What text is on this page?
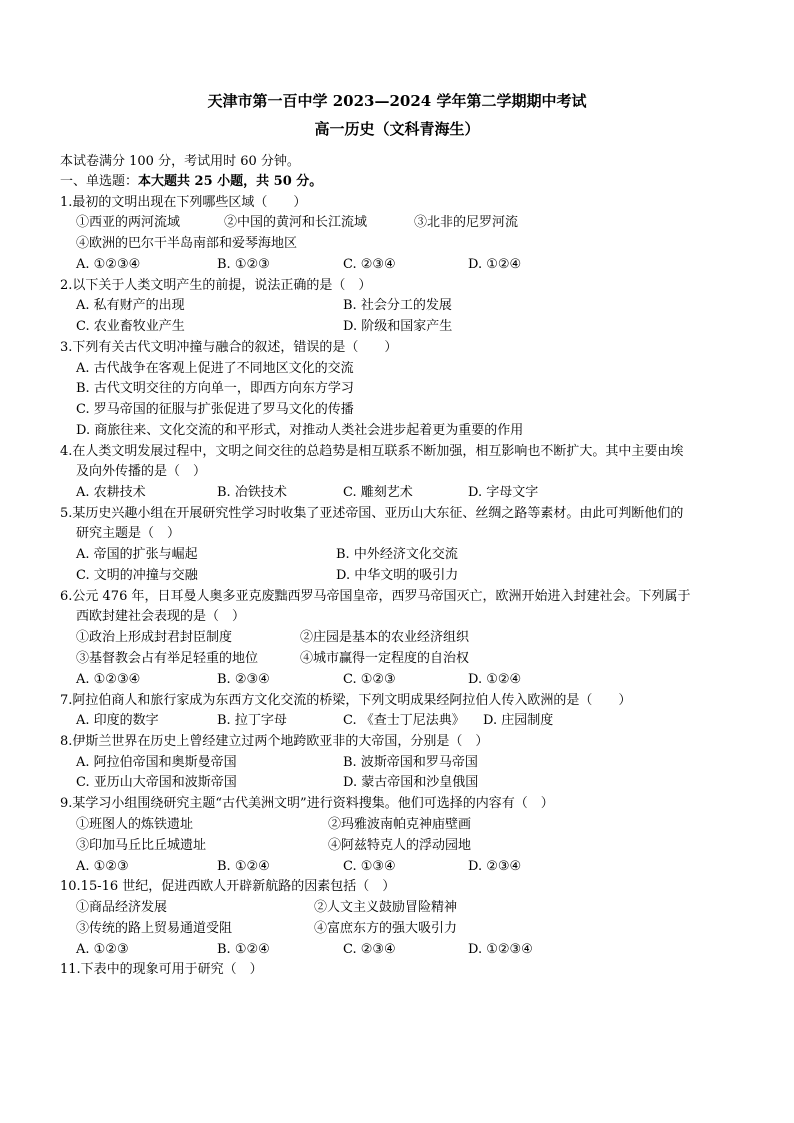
天津市第一百中学 2023—2024 学年第二学期期中考试
高一历史（文科青海生）
本试卷满分 100 分，考试用时 60 分钟。
一、单选题：本大题共 25 小题，共 50 分。
1.最初的文明出现在下列哪些区域（　　）
①西亚的两河流域	②中国的黄河和长江流域	③北非的尼罗河流
④欧洲的巴尔干半岛南部和爱琴海地区
A. ①②③④	B. ①②③	C. ②③④	D. ①②④
2.以下关于人类文明产生的前提，说法正确的是（　）
A. 私有财产的出现	B. 社会分工的发展
C. 农业畜牧业产生	D. 阶级和国家产生
3.下列有关古代文明冲撞与融合的叙述，错误的是（　　）
A. 古代战争在客观上促进了不同地区文化的交流
B. 古代文明交往的方向单一，即西方向东方学习
C. 罗马帝国的征服与扩张促进了罗马文化的传播
D. 商旅往来、文化交流的和平形式，对推动人类社会进步起着更为重要的作用
4.在人类文明发展过程中，文明之间交往的总趋势是相互联系不断加强，相互影响也不断扩大。其中主要由埃
及向外传播的是（　）
A. 农耕技术	B. 冶铁技术	C. 雕刻艺术	D. 字母文字
5.某历史兴趣小组在开展研究性学习时收集了亚述帝国、亚历山大东征、丝绸之路等素材。由此可判断他们的
研究主题是（　）
A. 帝国的扩张与崛起	B. 中外经济文化交流
C. 文明的冲撞与交融	D. 中华文明的吸引力
6.公元 476 年，日耳曼人奥多亚克废黜西罗马帝国皇帝，西罗马帝国灭亡，欧洲开始进入封建社会。下列属于
西欧封建社会表现的是（　）
①政治上形成封君封臣制度	②庄园是基本的农业经济组织
③基督教会占有举足轻重的地位	④城市赢得一定程度的自治权
A. ①②③④	B. ②③④	C. ①②③	D. ①②④
7.阿拉伯商人和旅行家成为东西方文化交流的桥梁，下列文明成果经阿拉伯人传入欧洲的是（　　）
A. 印度的数字	B. 拉丁字母	C. 《查士丁尼法典》 D. 庄园制度
8.伊斯兰世界在历史上曾经建立过两个地跨欧亚非的大帝国，分别是（　）
A. 阿拉伯帝国和奥斯曼帝国	B. 波斯帝国和罗马帝国
C. 亚历山大帝国和波斯帝国	D. 蒙古帝国和沙皇俄国
9.某学习小组围绕研究主题“古代美洲文明”进行资料搜集。他们可选择的内容有（　）
①班图人的炼铁遗址	②玛雅波南帕克神庙壁画
③印加马丘比丘城遗址	④阿兹特克人的浮动园地
A. ①②③	B. ①②④	C. ①③④	D. ②③④
10.15-16 世纪，促进西欧人开辟新航路的因素包括（　）
①商品经济发展	②人文主义鼓励冒险精神
③传统的路上贸易通道受阻	④富庶东方的强大吸引力
A. ①②③	B. ①②④	C. ②③④	D. ①②③④
11.下表中的现象可用于研究（　）
